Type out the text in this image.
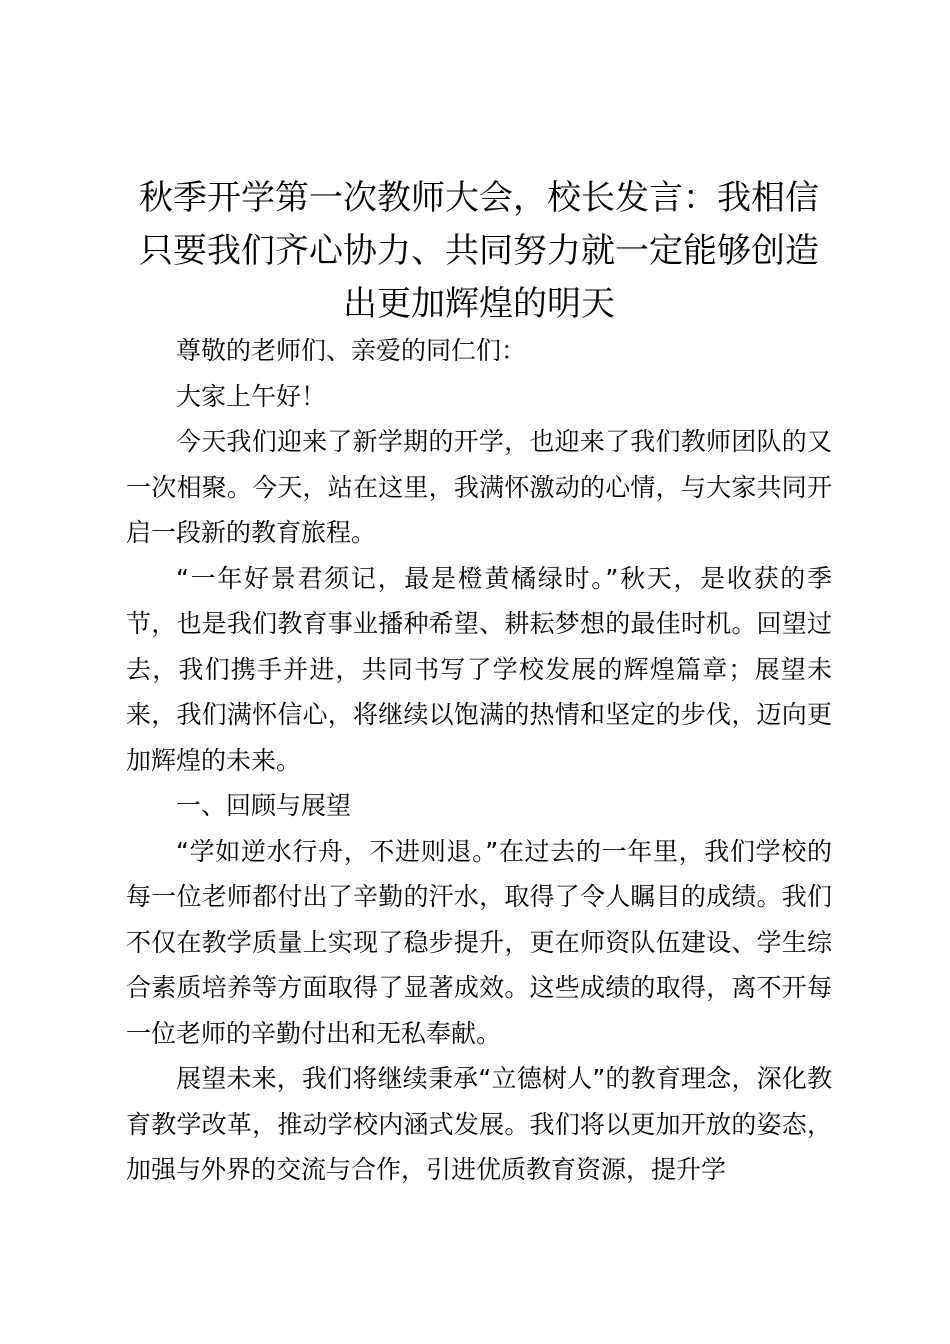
秋季开学第一次教师大会，校长发言：我相信
只要我们齐心协力、共同努力就一定能够创造
出更加辉煌的明天

尊敬的老师们、亲爱的同仁们：

大家上午好！

今天我们迎来了新学期的开学，也迎来了我们教师团队的又一次相聚。今天，站在这里，我满怀激动的心情，与大家共同开启一段新的教育旅程。

“一年好景君须记，最是橙黄橘绿时。”秋天，是收获的季节，也是我们教育事业播种希望、耕耘梦想的最佳时机。回望过去，我们携手并进，共同书写了学校发展的辉煌篇章；展望未来，我们满怀信心，将继续以饱满的热情和坚定的步伐，迈向更加辉煌的未来。

一、回顾与展望

“学如逆水行舟，不进则退。”在过去的一年里，我们学校的每一位老师都付出了辛勤的汗水，取得了令人瞩目的成绩。我们不仅在教学质量上实现了稳步提升，更在师资队伍建设、学生综合素质培养等方面取得了显著成效。这些成绩的取得，离不开每一位老师的辛勤付出和无私奉献。

展望未来，我们将继续秉承“立德树人”的教育理念，深化教育教学改革，推动学校内涵式发展。我们将以更加开放的姿态，加强与外界的交流与合作，引进优质教育资源，提升学
